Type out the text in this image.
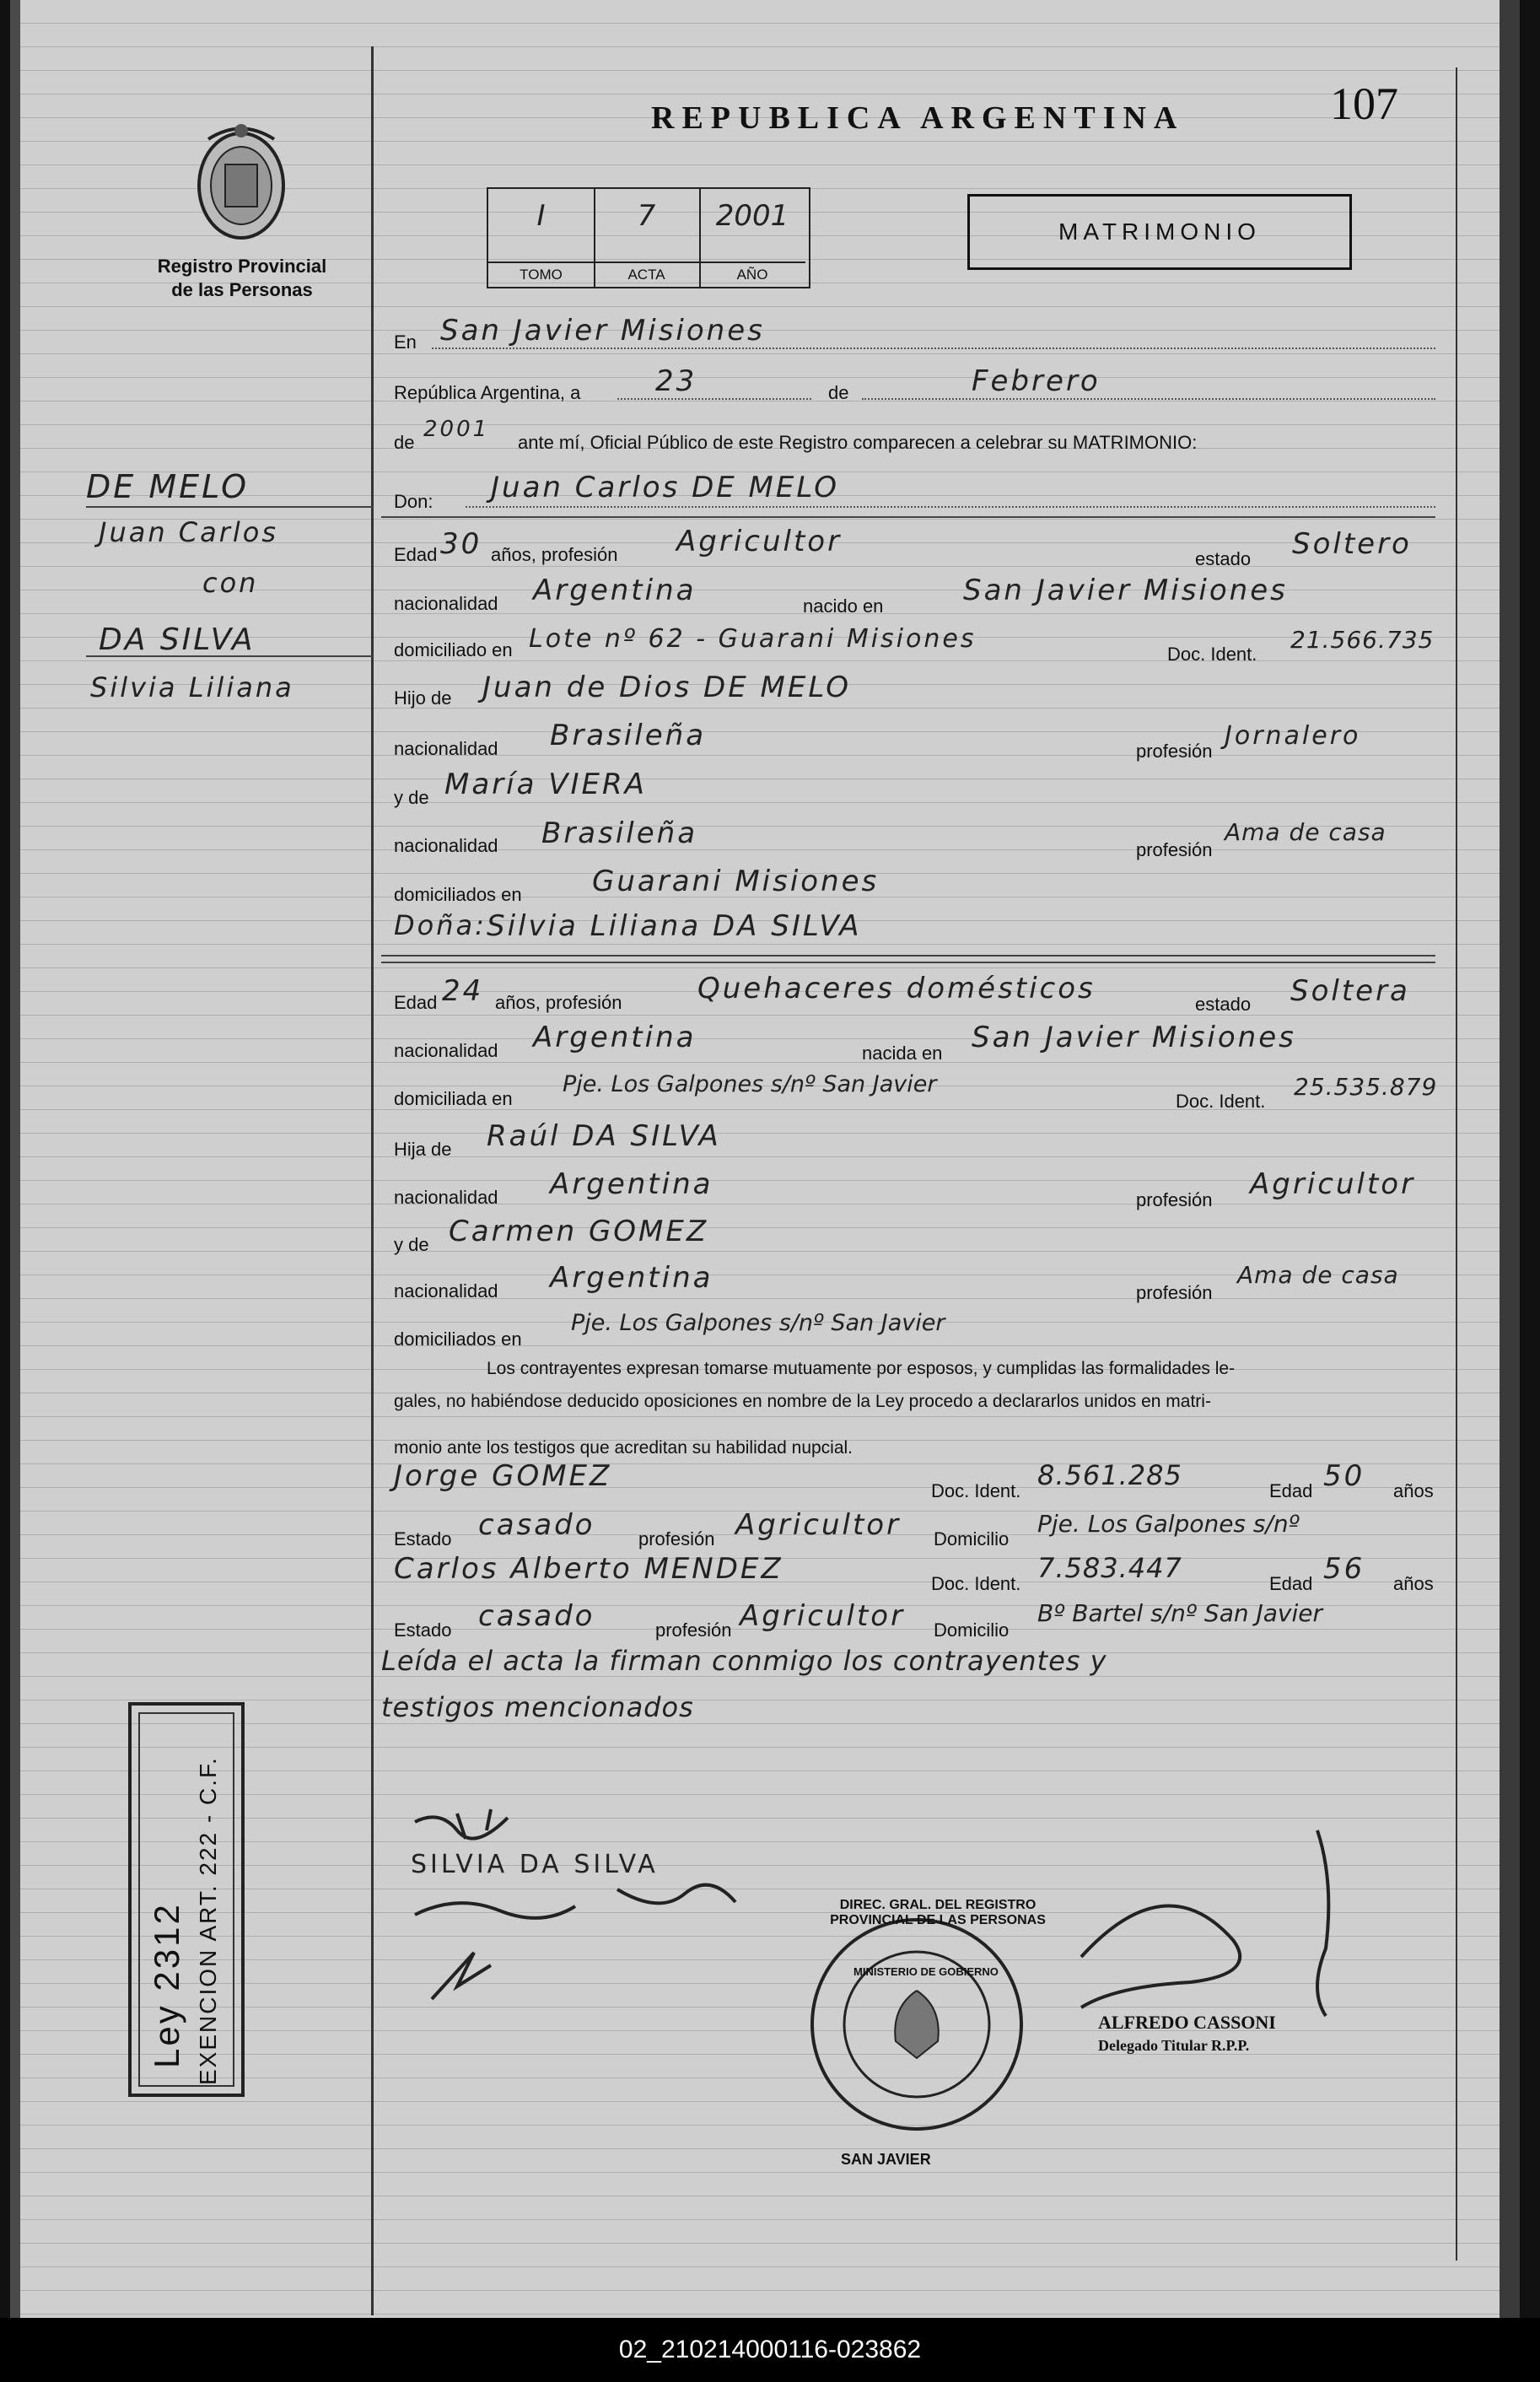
Registro Provincial
de las Personas
REPUBLICA ARGENTINA	107
MATRIMONIO
I
TOMO
7
ACTA
2001
AÑO
DE MELO
Juan Carlos
con
DA SILVA
Silvia Liliana
En San Javier Misiones
República Argentina, a	23	de	Febrero
de
2001
ante mí, Oficial Público de este Registro comparecen a celebrar su MATRIMONIO:
Don: Juan Carlos DE MELO
Edad 30 años, profesión Agricultor
estado Soltero
nacionalidad Argentina	nacido en	San Javier Misiones
domiciliado en Lote nº 62 - Guarani Misiones
Doc. Ident.
21.566.735
Hijo de Juan de Dios DE MELO
nacionalidad Brasileña	profesión
Jornalero
y de María VIERA
nacionalidad Brasileña	profesión
Ama de casa
domiciliados en Guarani Misiones
Doña: Silvia Liliana DA SILVA
Edad 24 años, profesión	Quehaceres domésticos	estado Soltera
nacionalidad Argentina	nacida en San Javier Misiones
domiciliada en
Pje. Los Galpones s/nº San Javier
Doc. Ident.
25.535.879
Hija de Raúl DA SILVA
nacionalidad Argentina	profesión Agricultor
y de Carmen GOMEZ
nacionalidad Argentina	profesión
Ama de casa
domiciliados en
Pje. Los Galpones s/nº San Javier
Los contrayentes expresan tomarse mutuamente por esposos, y cumplidas las formalidades le-
gales, no habiéndose deducido oposiciones en nombre de la Ley procedo a declararlos unidos en matri-
monio ante los testigos que acreditan su habilidad nupcial.
Jorge GOMEZ	Doc. Ident. 8.561.285	Edad 50 años
Estado casado profesión Agricultor Domicilio
Pje. Los Galpones s/nº
Carlos Alberto MENDEZ	Doc. Ident. 7.583.447	Edad 56 años
Estado casado	profesión Agricultor Domicilio
Bº Bartel s/nº San Javier
Leída el acta la firman conmigo los contrayentes y
testigos mencionados
SILVIA DA SILVA
ALFREDO CASSONI
Delegado Titular R.P.P.
Ley 2312 EXENCION ART. 222 - C.F.
SAN JAVIER
DIREC. GRAL. DEL REGISTRO PROVINCIAL DE LAS PERSONAS
MINISTERIO DE GOBIERNO
02_210214000116-023862
